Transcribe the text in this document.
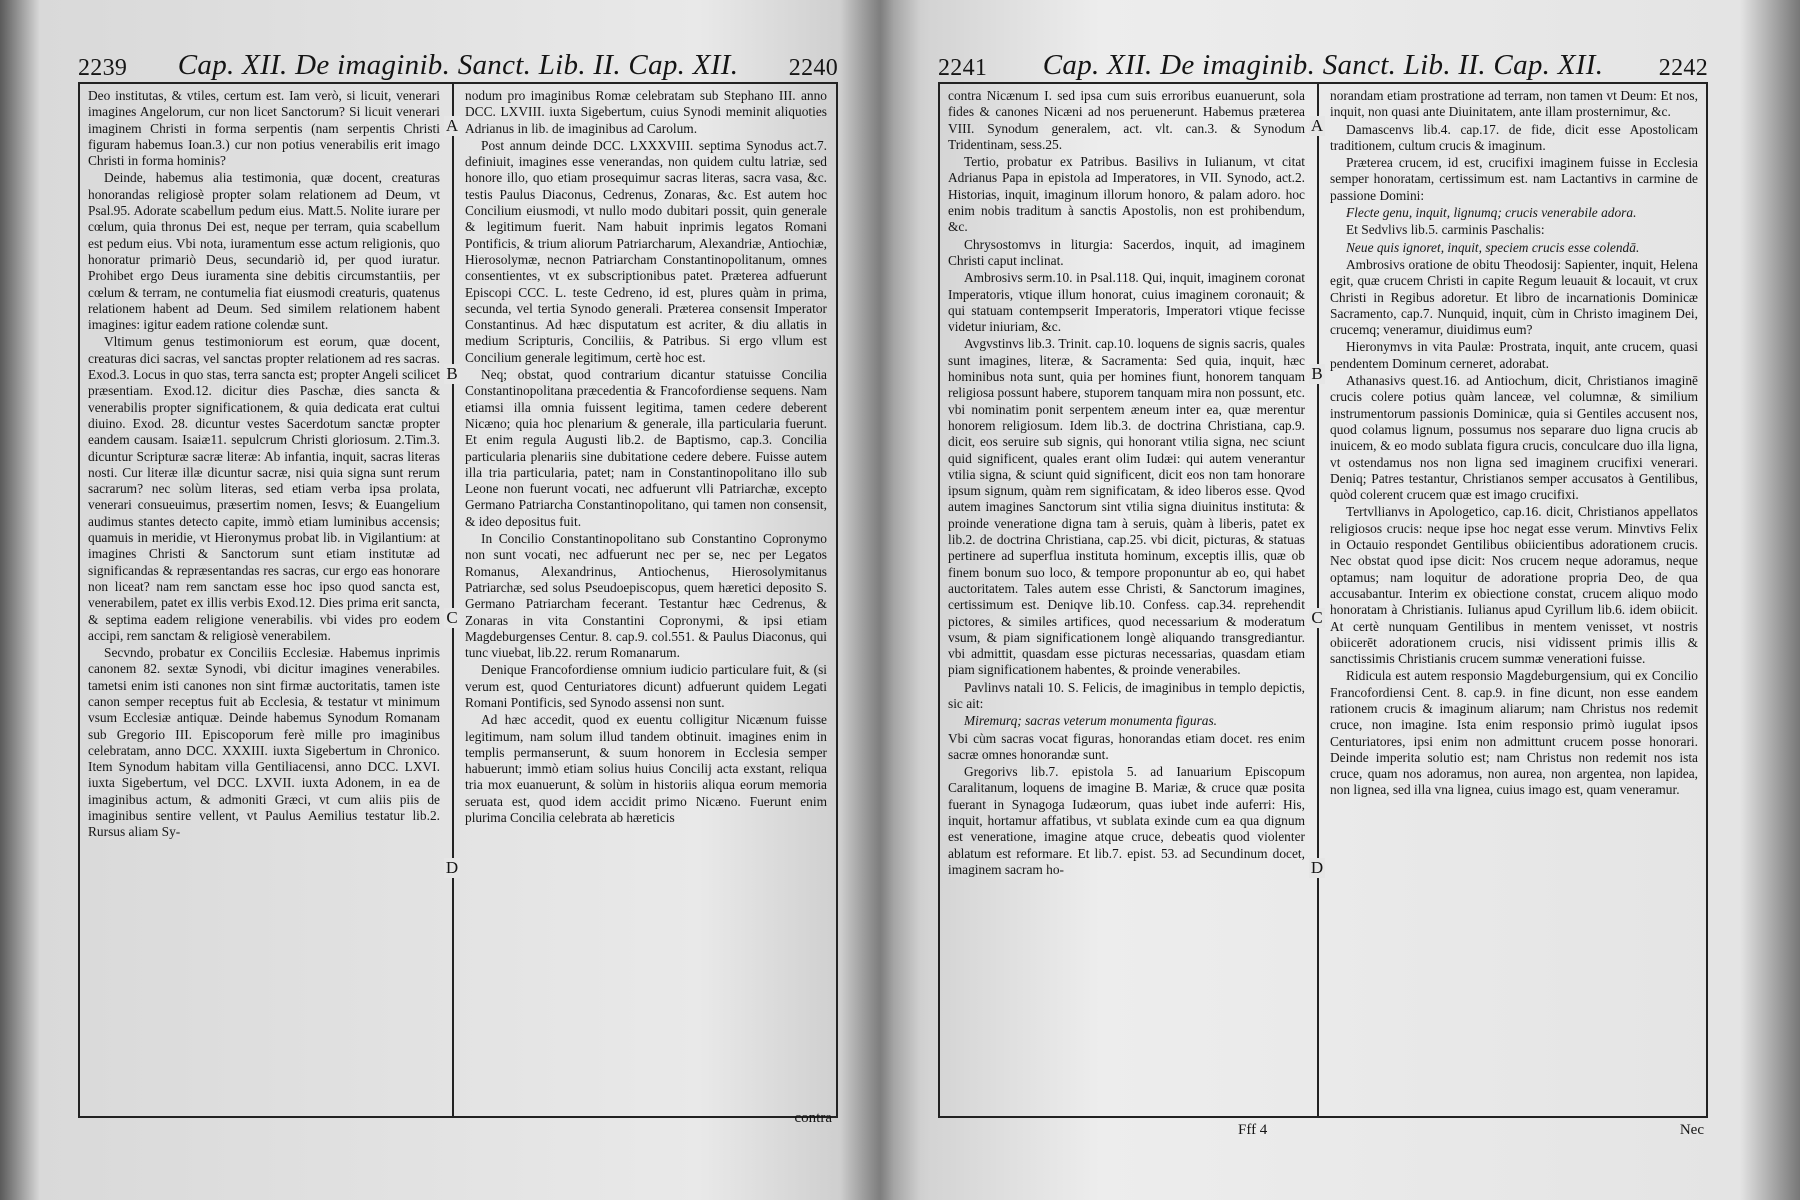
2239	Cap. XII. De imaginib. Sanct. Lib. II. Cap. XII.	2240

Deo institutas, & vtiles, certum est. Iam verò, si licuit, venerari imagines Angelorum, cur non licet Sanctorum? Si licuit venerari imaginem Christi in forma serpentis (nam serpentis Christi figuram habemus Ioan.3.) cur non potius venerabilis erit imago Christi in forma hominis?

Deinde, habemus alia testimonia, quæ docent, creaturas honorandas religiosè propter solam relationem ad Deum, vt Psal.95. Adorate scabellum pedum eius. Matt.5. Nolite iurare per cœlum, quia thronus Dei est, neque per terram, quia scabellum est pedum eius. Vbi nota, iuramentum esse actum religionis, quo honoratur primariò Deus, secundariò id, per quod iuratur. Prohibet ergo Deus iuramenta sine debitis circumstantiis, per cœlum & terram, ne contumelia fiat eiusmodi creaturis, quatenus relationem habent ad Deum. Sed similem relationem habent imagines: igitur eadem ratione colendæ sunt.

Vltimum genus testimoniorum est eorum, quæ docent, creaturas dici sacras, vel sanctas propter relationem ad res sacras. Exod.3. Locus in quo stas, terra sancta est; propter Angeli scilicet præsentiam. Exod.12. dicitur dies Paschæ, dies sancta & venerabilis propter significationem, & quia dedicata erat cultui diuino. Exod. 28. dicuntur vestes Sacerdotum sanctæ propter eandem causam. Isaiæ11. sepulcrum Christi gloriosum. 2.Tim.3. dicuntur Scripturæ sacræ literæ: Ab infantia, inquit, sacras literas nosti. Cur literæ illæ dicuntur sacræ, nisi quia signa sunt rerum sacrarum? nec solùm literas, sed etiam verba ipsa prolata, venerari consueuimus, præsertim nomen, Iesvs; & Euangelium audimus stantes detecto capite, immò etiam luminibus accensis; quamuis in meridie, vt Hieronymus probat lib. in Vigilantium: at imagines Christi & Sanctorum sunt etiam institutæ ad significandas & repræsentandas res sacras, cur ergo eas honorare non liceat? nam rem sanctam esse hoc ipso quod sancta est, venerabilem, patet ex illis verbis Exod.12. Dies prima erit sancta, & septima eadem religione venerabilis. vbi vides pro eodem accipi, rem sanctam & religiosè venerabilem.

Secvndo, probatur ex Conciliis Ecclesiæ. Habemus inprimis canonem 82. sextæ Synodi, vbi dicitur imagines venerabiles. tametsi enim isti canones non sint firmæ auctoritatis, tamen iste canon semper receptus fuit ab Ecclesia, & testatur vt minimum vsum Ecclesiæ antiquæ. Deinde habemus Synodum Romanam sub Gregorio III. Episcoporum ferè mille pro imaginibus celebratam, anno DCC. XXXIII. iuxta Sigebertum in Chronico. Item Synodum habitam villa Gentiliacensi, anno DCC. LXVI. iuxta Sigebertum, vel DCC. LXVII. iuxta Adonem, in ea de imaginibus actum, & admoniti Græci, vt cum aliis piis de imaginibus sentire vellent, vt Paulus Aemilius testatur lib.2. Rursus aliam Sy-

A
B
C
D

nodum pro imaginibus Romæ celebratam sub Stephano III. anno DCC. LXVIII. iuxta Sigebertum, cuius Synodi meminit aliquoties Adrianus in lib. de imaginibus ad Carolum.

Post annum deinde DCC. LXXXVIII. septima Synodus act.7. definiuit, imagines esse venerandas, non quidem cultu latriæ, sed honore illo, quo etiam prosequimur sacras literas, sacra vasa, &c. testis Paulus Diaconus, Cedrenus, Zonaras, &c. Est autem hoc Concilium eiusmodi, vt nullo modo dubitari possit, quin generale & legitimum fuerit. Nam habuit inprimis legatos Romani Pontificis, & trium aliorum Patriarcharum, Alexandriæ, Antiochiæ, Hierosolymæ, necnon Patriarcham Constantinopolitanum, omnes consentientes, vt ex subscriptionibus patet. Præterea adfuerunt Episcopi CCC. L. teste Cedreno, id est, plures quàm in prima, secunda, vel tertia Synodo generali. Præterea consensit Imperator Constantinus. Ad hæc disputatum est acriter, & diu allatis in medium Scripturis, Conciliis, & Patribus. Si ergo vllum est Concilium generale legitimum, certè hoc est.

Neq; obstat, quod contrarium dicantur statuisse Concilia Constantinopolitana præcedentia & Francofordiense sequens. Nam etiamsi illa omnia fuissent legitima, tamen cedere deberent Nicæno; quia hoc plenarium & generale, illa particularia fuerunt. Et enim regula Augusti lib.2. de Baptismo, cap.3. Concilia particularia plenariis sine dubitatione cedere debere. Fuisse autem illa tria particularia, patet; nam in Constantinopolitano illo sub Leone non fuerunt vocati, nec adfuerunt vlli Patriarchæ, excepto Germano Patriarcha Constantinopolitano, qui tamen non consensit, & ideo depositus fuit.

In Concilio Constantinopolitano sub Constantino Copronymo non sunt vocati, nec adfuerunt nec per se, nec per Legatos Romanus, Alexandrinus, Antiochenus, Hierosolymitanus Patriarchæ, sed solus Pseudoepiscopus, quem hæretici deposito S. Germano Patriarcham fecerant. Testantur hæc Cedrenus, & Zonaras in vita Constantini Copronymi, & ipsi etiam Magdeburgenses Centur. 8. cap.9. col.551. & Paulus Diaconus, qui tunc viuebat, lib.22. rerum Romanarum.

Denique Francofordiense omnium iudicio particulare fuit, & (si verum est, quod Centuriatores dicunt) adfuerunt quidem Legati Romani Pontificis, sed Synodo assensi non sunt.

Ad hæc accedit, quod ex euentu colligitur Nicænum fuisse legitimum, nam solum illud tandem obtinuit. imagines enim in templis permanserunt, & suum honorem in Ecclesia semper habuerunt; immò etiam solius huius Concilij acta exstant, reliqua tria mox euanuerunt, & solùm in historiis aliqua eorum memoria seruata est, quod idem accidit primo Nicæno. Fuerunt enim plurima Concilia celebrata ab hæreticis

contra
2241	Cap. XII. De imaginib. Sanct. Lib. II. Cap. XII.	2242

contra Nicænum I. sed ipsa cum suis erroribus euanuerunt, sola fides & canones Nicæni ad nos peruenerunt. Habemus præterea VIII. Synodum generalem, act. vlt. can.3. & Synodum Tridentinam, sess.25.

Tertio, probatur ex Patribus. Basilivs in Iulianum, vt citat Adrianus Papa in epistola ad Imperatores, in VII. Synodo, act.2. Historias, inquit, imaginum illorum honoro, & palam adoro. hoc enim nobis traditum à sanctis Apostolis, non est prohibendum, &c.

Chrysostomvs in liturgia: Sacerdos, inquit, ad imaginem Christi caput inclinat.

Ambrosivs serm.10. in Psal.118. Qui, inquit, imaginem coronat Imperatoris, vtique illum honorat, cuius imaginem coronauit; & qui statuam contempserit Imperatoris, Imperatori vtique fecisse videtur iniuriam, &c.

Avgvstinvs lib.3. Trinit. cap.10. loquens de signis sacris, quales sunt imagines, literæ, & Sacramenta: Sed quia, inquit, hæc hominibus nota sunt, quia per homines fiunt, honorem tanquam religiosa possunt habere, stuporem tanquam mira non possunt, etc. vbi nominatim ponit serpentem æneum inter ea, quæ merentur honorem religiosum. Idem lib.3. de doctrina Christiana, cap.9. dicit, eos seruire sub signis, qui honorant vtilia signa, nec sciunt quid significent, quales erant olim Iudæi: qui autem venerantur vtilia signa, & sciunt quid significent, dicit eos non tam honorare ipsum signum, quàm rem significatam, & ideo liberos esse. Qvod autem imagines Sanctorum sint vtilia signa diuinitus instituta: & proinde veneratione digna tam à seruis, quàm à liberis, patet ex lib.2. de doctrina Christiana, cap.25. vbi dicit, picturas, & statuas pertinere ad superflua instituta hominum, exceptis illis, quæ ob finem bonum suo loco, & tempore proponuntur ab eo, qui habet auctoritatem. Tales autem esse Christi, & Sanctorum imagines, certissimum est. Deniqve lib.10. Confess. cap.34. reprehendit pictores, & similes artifices, quod necessarium & moderatum vsum, & piam significationem longè aliquando transgrediantur. vbi admittit, quasdam esse picturas necessarias, quasdam etiam piam significationem habentes, & proinde venerabiles.

Pavlinvs natali 10. S. Felicis, de imaginibus in templo depictis, sic ait:

Miremurq; sacras veterum monumenta figuras.

Vbi cùm sacras vocat figuras, honorandas etiam docet. res enim sacræ omnes honorandæ sunt.

Gregorivs lib.7. epistola 5. ad Ianuarium Episcopum Caralitanum, loquens de imagine B. Mariæ, & cruce quæ posita fuerant in Synagoga Iudæorum, quas iubet inde auferri: His, inquit, hortamur affatibus, vt sublata exinde cum ea qua dignum est veneratione, imagine atque cruce, debeatis quod violenter ablatum est reformare. Et lib.7. epist. 53. ad Secundinum docet, imaginem sacram ho-

A
B
C
D

norandam etiam prostratione ad terram, non tamen vt Deum: Et nos, inquit, non quasi ante Diuinitatem, ante illam prosternimur, &c.

Damascenvs lib.4. cap.17. de fide, dicit esse Apostolicam traditionem, cultum crucis & imaginum.

Præterea crucem, id est, crucifixi imaginem fuisse in Ecclesia semper honoratam, certissimum est. nam Lactantivs in carmine de passione Domini:

Flecte genu, inquit, lignumq; crucis venerabile adora.

Et Sedvlivs lib.5. carminis Paschalis:

Neue quis ignoret, inquit, speciem crucis esse colendā.

Ambrosivs oratione de obitu Theodosij: Sapienter, inquit, Helena egit, quæ crucem Christi in capite Regum leuauit & locauit, vt crux Christi in Regibus adoretur. Et libro de incarnationis Dominicæ Sacramento, cap.7. Nunquid, inquit, cùm in Christo imaginem Dei, crucemq; veneramur, diuidimus eum?

Hieronymvs in vita Paulæ: Prostrata, inquit, ante crucem, quasi pendentem Dominum cerneret, adorabat.

Athanasivs quest.16. ad Antiochum, dicit, Christianos imaginē crucis colere potius quàm lanceæ, vel columnæ, & similium instrumentorum passionis Dominicæ, quia si Gentiles accusent nos, quod colamus lignum, possumus nos separare duo ligna crucis ab inuicem, & eo modo sublata figura crucis, conculcare duo illa ligna, vt ostendamus nos non ligna sed imaginem crucifixi venerari. Deniq; Patres testantur, Christianos semper accusatos à Gentilibus, quòd colerent crucem quæ est imago crucifixi.

Tertvllianvs in Apologetico, cap.16. dicit, Christianos appellatos religiosos crucis: neque ipse hoc negat esse verum. Minvtivs Felix in Octauio respondet Gentilibus obiicientibus adorationem crucis. Nec obstat quod ipse dicit: Nos crucem neque adoramus, neque optamus; nam loquitur de adoratione propria Deo, de qua accusabantur. Interim ex obiectione constat, crucem aliquo modo honoratam à Christianis. Iulianus apud Cyrillum lib.6. idem obiicit. At certè nunquam Gentilibus in mentem venisset, vt nostris obiicerēt adorationem crucis, nisi vidissent primis illis & sanctissimis Christianis crucem summæ venerationi fuisse.

Ridicula est autem responsio Magdeburgensium, qui ex Concilio Francofordiensi Cent. 8. cap.9. in fine dicunt, non esse eandem rationem crucis & imaginum aliarum; nam Christus nos redemit cruce, non imagine. Ista enim responsio primò iugulat ipsos Centuriatores, ipsi enim non admittunt crucem posse honorari. Deinde imperita solutio est; nam Christus non redemit nos ista cruce, quam nos adoramus, non aurea, non argentea, non lapidea, non lignea, sed illa vna lignea, cuius imago est, quam veneramur.

Fff 4	Nec
